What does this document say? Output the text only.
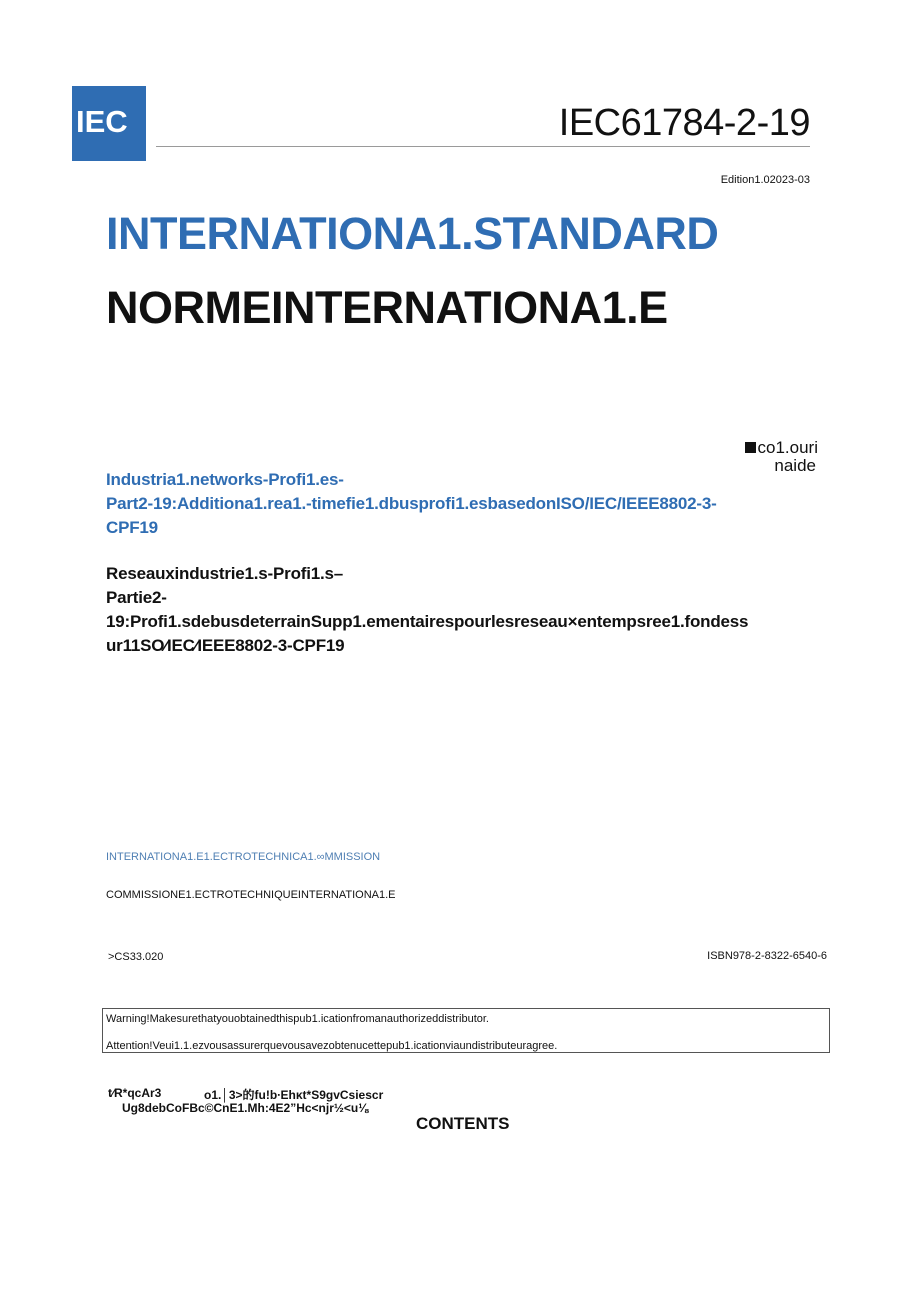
IEC	IEC61784-2-19
Edition1.02023-03
INTERNATIONA1.STANDARD
NORMEINTERNATIONA1.E
co1.ouri
naide
Industria1.networks-Profi1.es-
Part2-19:Additiona1.rea1.-timefie1.dbusprofi1.esbasedonISO/IEC/IEEE8802-3-
CPF19
Reseauxindustrie1.s-Profi1.s–
Partie2-
19:Profi1.sdebusdeterrainSupp1.ementairespourlesreseau×entempsree1.fondess
ur11SO⁄IEC⁄IEEE8802-3-CPF19
INTERNATIONA1.E1.ECTROTECHNICA1.∞MMISSION
COMMISSIONE1.ECTROTECHNIQUEINTERNATIONA1.E
>CS33.020	ISBN978-2-8322-6540-6
Warning!Makesurethatyouobtainedthispub1.icationfromanauthorizeddistributor.
Attention!Veui1.1.ezvousassurerquevousavezobtenucettepub1.icationviaundistributeuragree.
t∕R*qcAr3	o1.│3>的fu!b∙Ehκt*S9gvCsiescr
Ug8debCoFBc©CnE1.Mh:4E2”Hc<njr½<u⅛
CONTENTS
